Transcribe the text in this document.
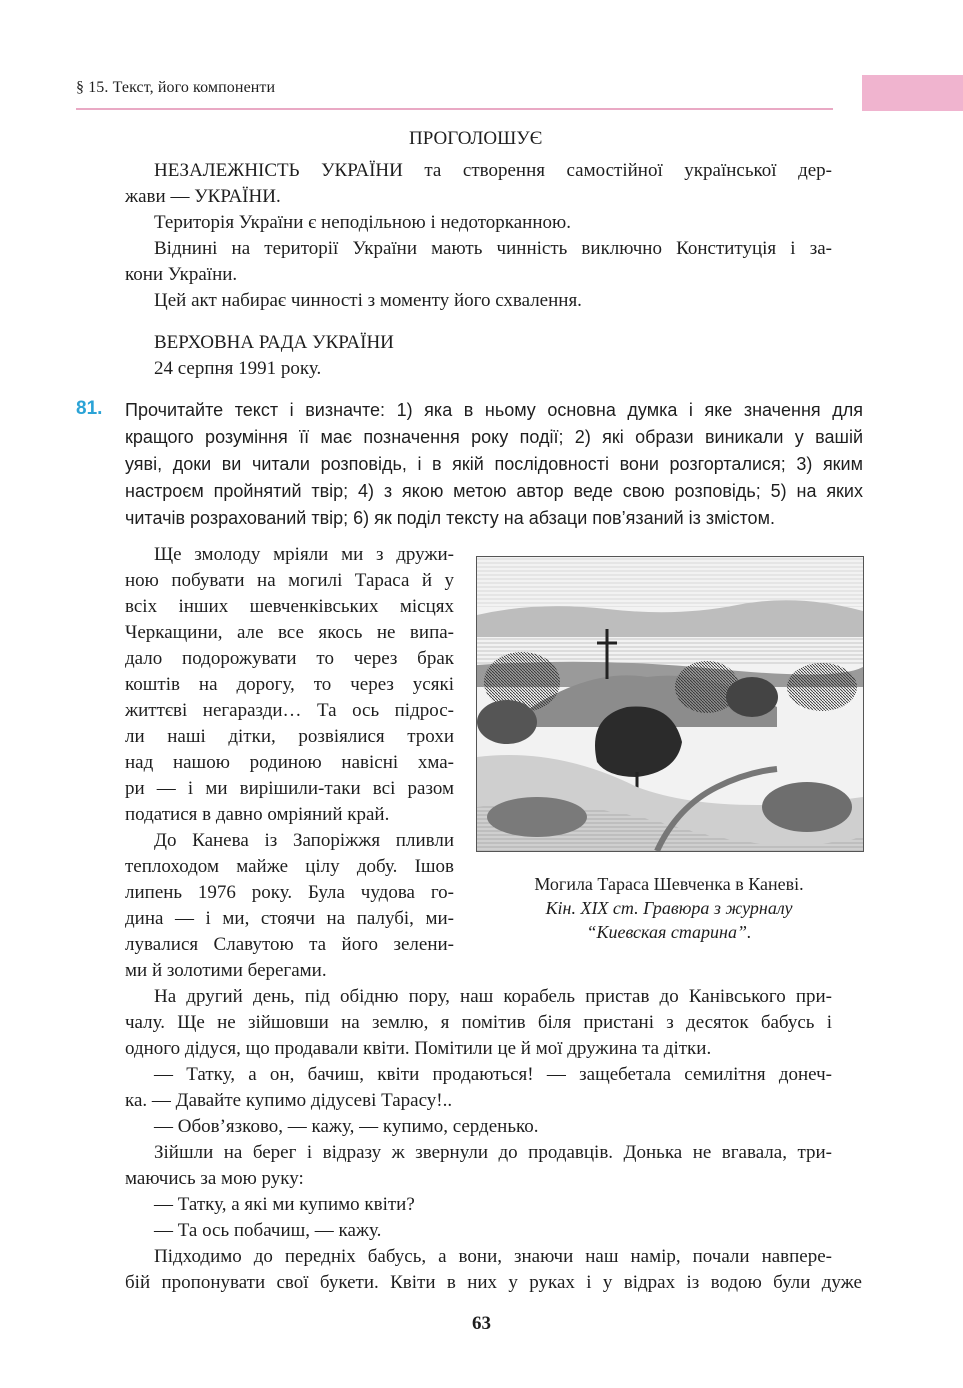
§ 15. Текст, його компоненти
ПРОГОЛОШУЄ
НЕЗАЛЕЖНІСТЬ УКРАЇНИ та створення самостійної української дер-
жави — УКРАЇНИ.
Територія України є неподільною і недоторканною.
Віднині на території України мають чинність виключно Конституція і за-
кони України.
Цей акт набирає чинності з моменту його схвалення.
ВЕРХОВНА РАДА УКРАЇНИ
24 серпня 1991 року.
81. Прочитайте текст і визначте: 1) яка в ньому основна думка і яке значення для
кращого розуміння її має позначення року події; 2) які образи виникали у вашій
уяві, доки ви читали розповідь, і в якій послідовності вони розгорталися; 3) яким
настроєм пройнятий твір; 4) з якою метою автор веде свою розповідь; 5) на яких
читачів розрахований твір; 6) як поділ тексту на абзаци пов’язаний із змістом.
Ще змолоду мріяли ми з дружи-
ною побувати на могилі Тараса й у
всіх інших шевченківських місцях
Черкащини, але все якось не випа-
дало подорожувати то через брак
коштів на дорогу, то через усякі
життєві негаразди… Та ось підрос-
ли наші дітки, розвіялися трохи
над нашою родиною навісні хма-
ри — і ми вирішили-таки всі разом
податися в давно омріяний край.
До Канева із Запоріжжя пливли
теплоходом майже цілу добу. Ішов
липень 1976 року. Була чудова го-
дина — і ми, стоячи на палубі, ми-
лувалися Славутою та його зелени-
ми й золотими берегами.
Могила Тараса Шевченка в Каневі.
Кін. XIX ст. Гравюра з журналу
“Киевская старина”.
На другий день, під обідню пору, наш корабель пристав до Канівського при-
чалу. Ще не зійшовши на землю, я помітив біля пристані з десяток бабусь і
одного дідуся, що продавали квіти. Помітили це й мої дружина та дітки.
— Татку, а он, бачиш, квіти продаються! — защебетала семилітня донеч-
ка. — Давайте купимо дідусеві Тарасу!..
— Обов’язково, — кажу, — купимо, серденько.
Зійшли на берег і відразу ж звернули до продавців. Донька не вгавала, три-
маючись за мою руку:
— Татку, а які ми купимо квіти?
— Та ось побачиш, — кажу.
Підходимо до передніх бабусь, а вони, знаючи наш намір, почали навпере-
бій пропонувати свої букети. Квіти в них у руках і у відрах із водою були дуже
63
